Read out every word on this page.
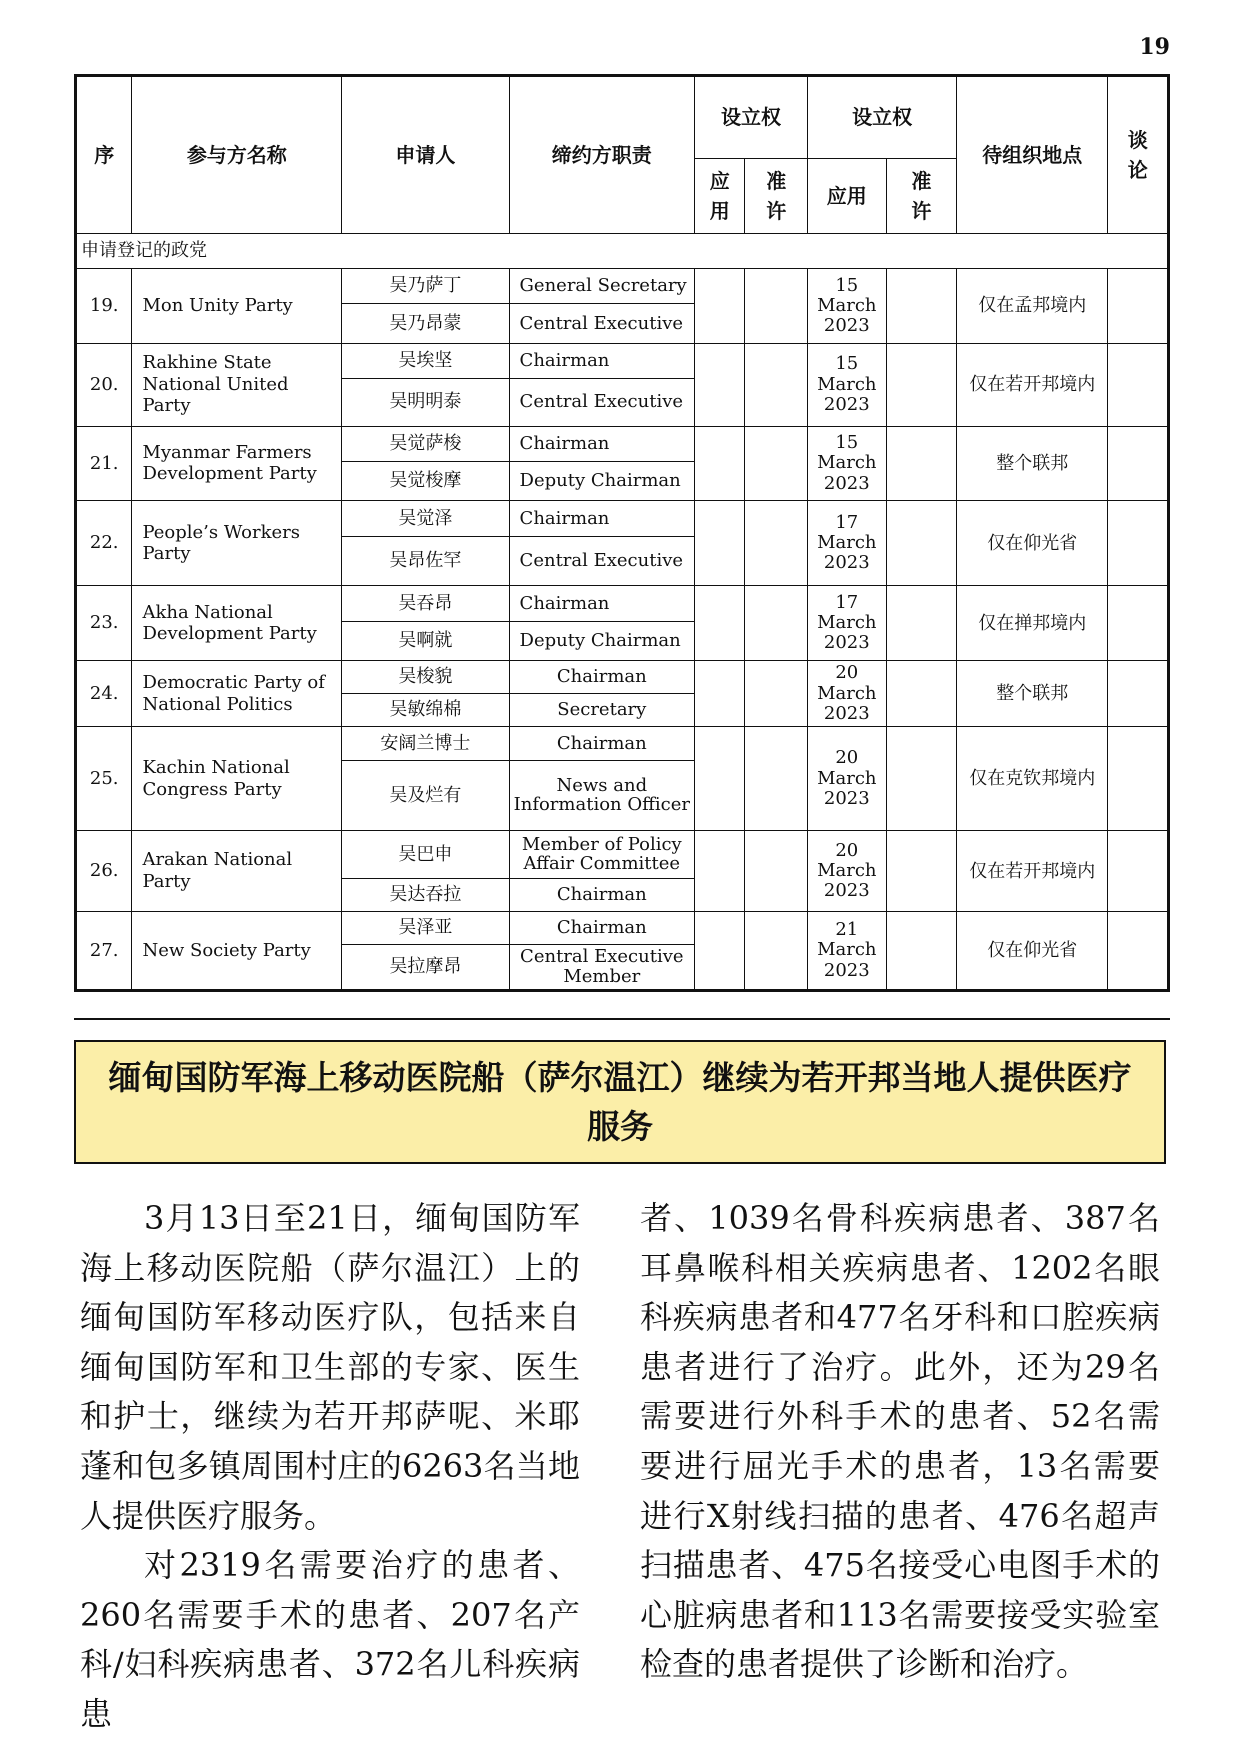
19
序	参与方名称	申请人	缔约方职责	设立权		设立权		待组织地点	谈论
				应用	准许	应用	准许		
申请登记的政党									
19.	Mon Unity Party	吴乃萨丁	General Secretary			15 March 2023		仅在孟邦境内	
		吴乃昂蒙	Central Executive						
20.	Rakhine State National United Party	吴埃坚	Chairman			15 March 2023		仅在若开邦境内	
		吴明明泰	Central Executive						
21.	Myanmar Farmers Development Party	吴觉萨梭	Chairman			15 March 2023		整个联邦	
		吴觉梭摩	Deputy Chairman						
22.	People’s Workers Party	吴觉泽	Chairman			17 March 2023		仅在仰光省	
		吴昂佐罕	Central Executive						
23.	Akha National Development Party	吴吞昂	Chairman			17 March 2023		仅在掸邦境内	
		吴啊就	Deputy Chairman						
24.	Democratic Party of National Politics	吴梭貌	Chairman			20 March 2023		整个联邦	
		吴敏绵棉	Secretary						
25.	Kachin National Congress Party	安阔兰博士	Chairman			20 March 2023		仅在克钦邦境内	
		吴及烂有	News and Information Officer						
26.	Arakan National Party	吴巴申	Member of Policy Affair Committee			20 March 2023		仅在若开邦境内	
		吴达吞拉	Chairman						
27.	New Society Party	吴泽亚	Chairman			21 March 2023		仅在仰光省	
		吴拉摩昂	Central Executive Member						
缅甸国防军海上移动医院船（萨尔温江）继续为若开邦当地人提供医疗服务

3月13日至21日，缅甸国防军海上移动医院船（萨尔温江）上的缅甸国防军移动医疗队，包括来自缅甸国防军和卫生部的专家、医生和护士，继续为若开邦萨呢、米耶蓬和包多镇周围村庄的6263名当地人提供医疗服务。

对2319名需要治疗的患者、260名需要手术的患者、207名产科/妇科疾病患者、372名儿科疾病患

者、1039名骨科疾病患者、387名耳鼻喉科相关疾病患者、1202名眼科疾病患者和477名牙科和口腔疾病患者进行了治疗。此外，还为29名需要进行外科手术的患者、52名需要进行屈光手术的患者，13名需要进行X射线扫描的患者、476名超声扫描患者、475名接受心电图手术的心脏病患者和113名需要接受实验室检查的患者提供了诊断和治疗。
